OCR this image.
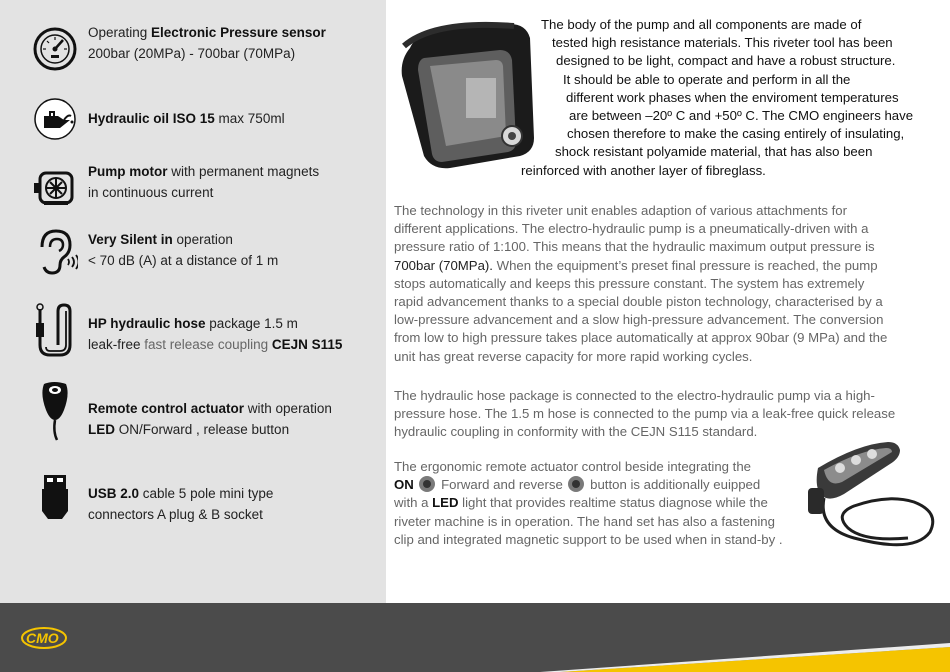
Operating Electronic Pressure sensor
200bar (20MPa) - 700bar (70MPa)
Hydraulic oil ISO 15 max 750ml
Pump motor with permanent magnets
in continuous current
Very Silent in operation
< 70 dB (A) at a distance of 1 m
HP hydraulic hose package 1.5 m
leak-free fast release coupling CEJN S115
Remote control actuator with operation
LED ON/Forward , release button
USB 2.0 cable 5 pole mini type
connectors A plug & B socket
The body of the pump and all components are made of
tested high resistance materials. This riveter tool has been
designed to be light, compact and have a robust structure.
It should be able to operate and perform in all the
different work phases when the enviroment temperatures
are between –20º C and +50º C. The CMO engineers have
chosen therefore to make the casing entirely of insulating,
shock resistant polyamide material, that has also been
reinforced with another layer of fibreglass.
The technology in this riveter unit enables adaption of various attachments for
different applications. The electro-hydraulic pump is a pneumatically-driven with a
pressure ratio of 1:100. This means that the hydraulic maximum output pressure is
700bar (70MPa). When the equipment’s preset final pressure is reached, the pump
stops automatically and keeps this pressure constant. The system has extremely
rapid advancement thanks to a special double piston technology, characterised by a
low-pressure advancement and a slow high-pressure advancement. The conversion
from low to high pressure takes place automatically at approx 90bar (9 MPa) and the
unit has great reverse capacity for more rapid working cycles.
The hydraulic hose package is connected to the electro-hydraulic pump via a high-
pressure hose. The 1.5 m hose is connected to the pump via a leak-free quick release
hydraulic coupling in conformity with the CEJN S115 standard.
The ergonomic remote actuator control beside integrating the
ON  Forward and reverse  button is additionally euipped
with a LED light that provides realtime status diagnose while the
riveter machine is in operation. The hand set has also a fastening
clip and integrated magnetic support to be used when in stand-by .
CMO
